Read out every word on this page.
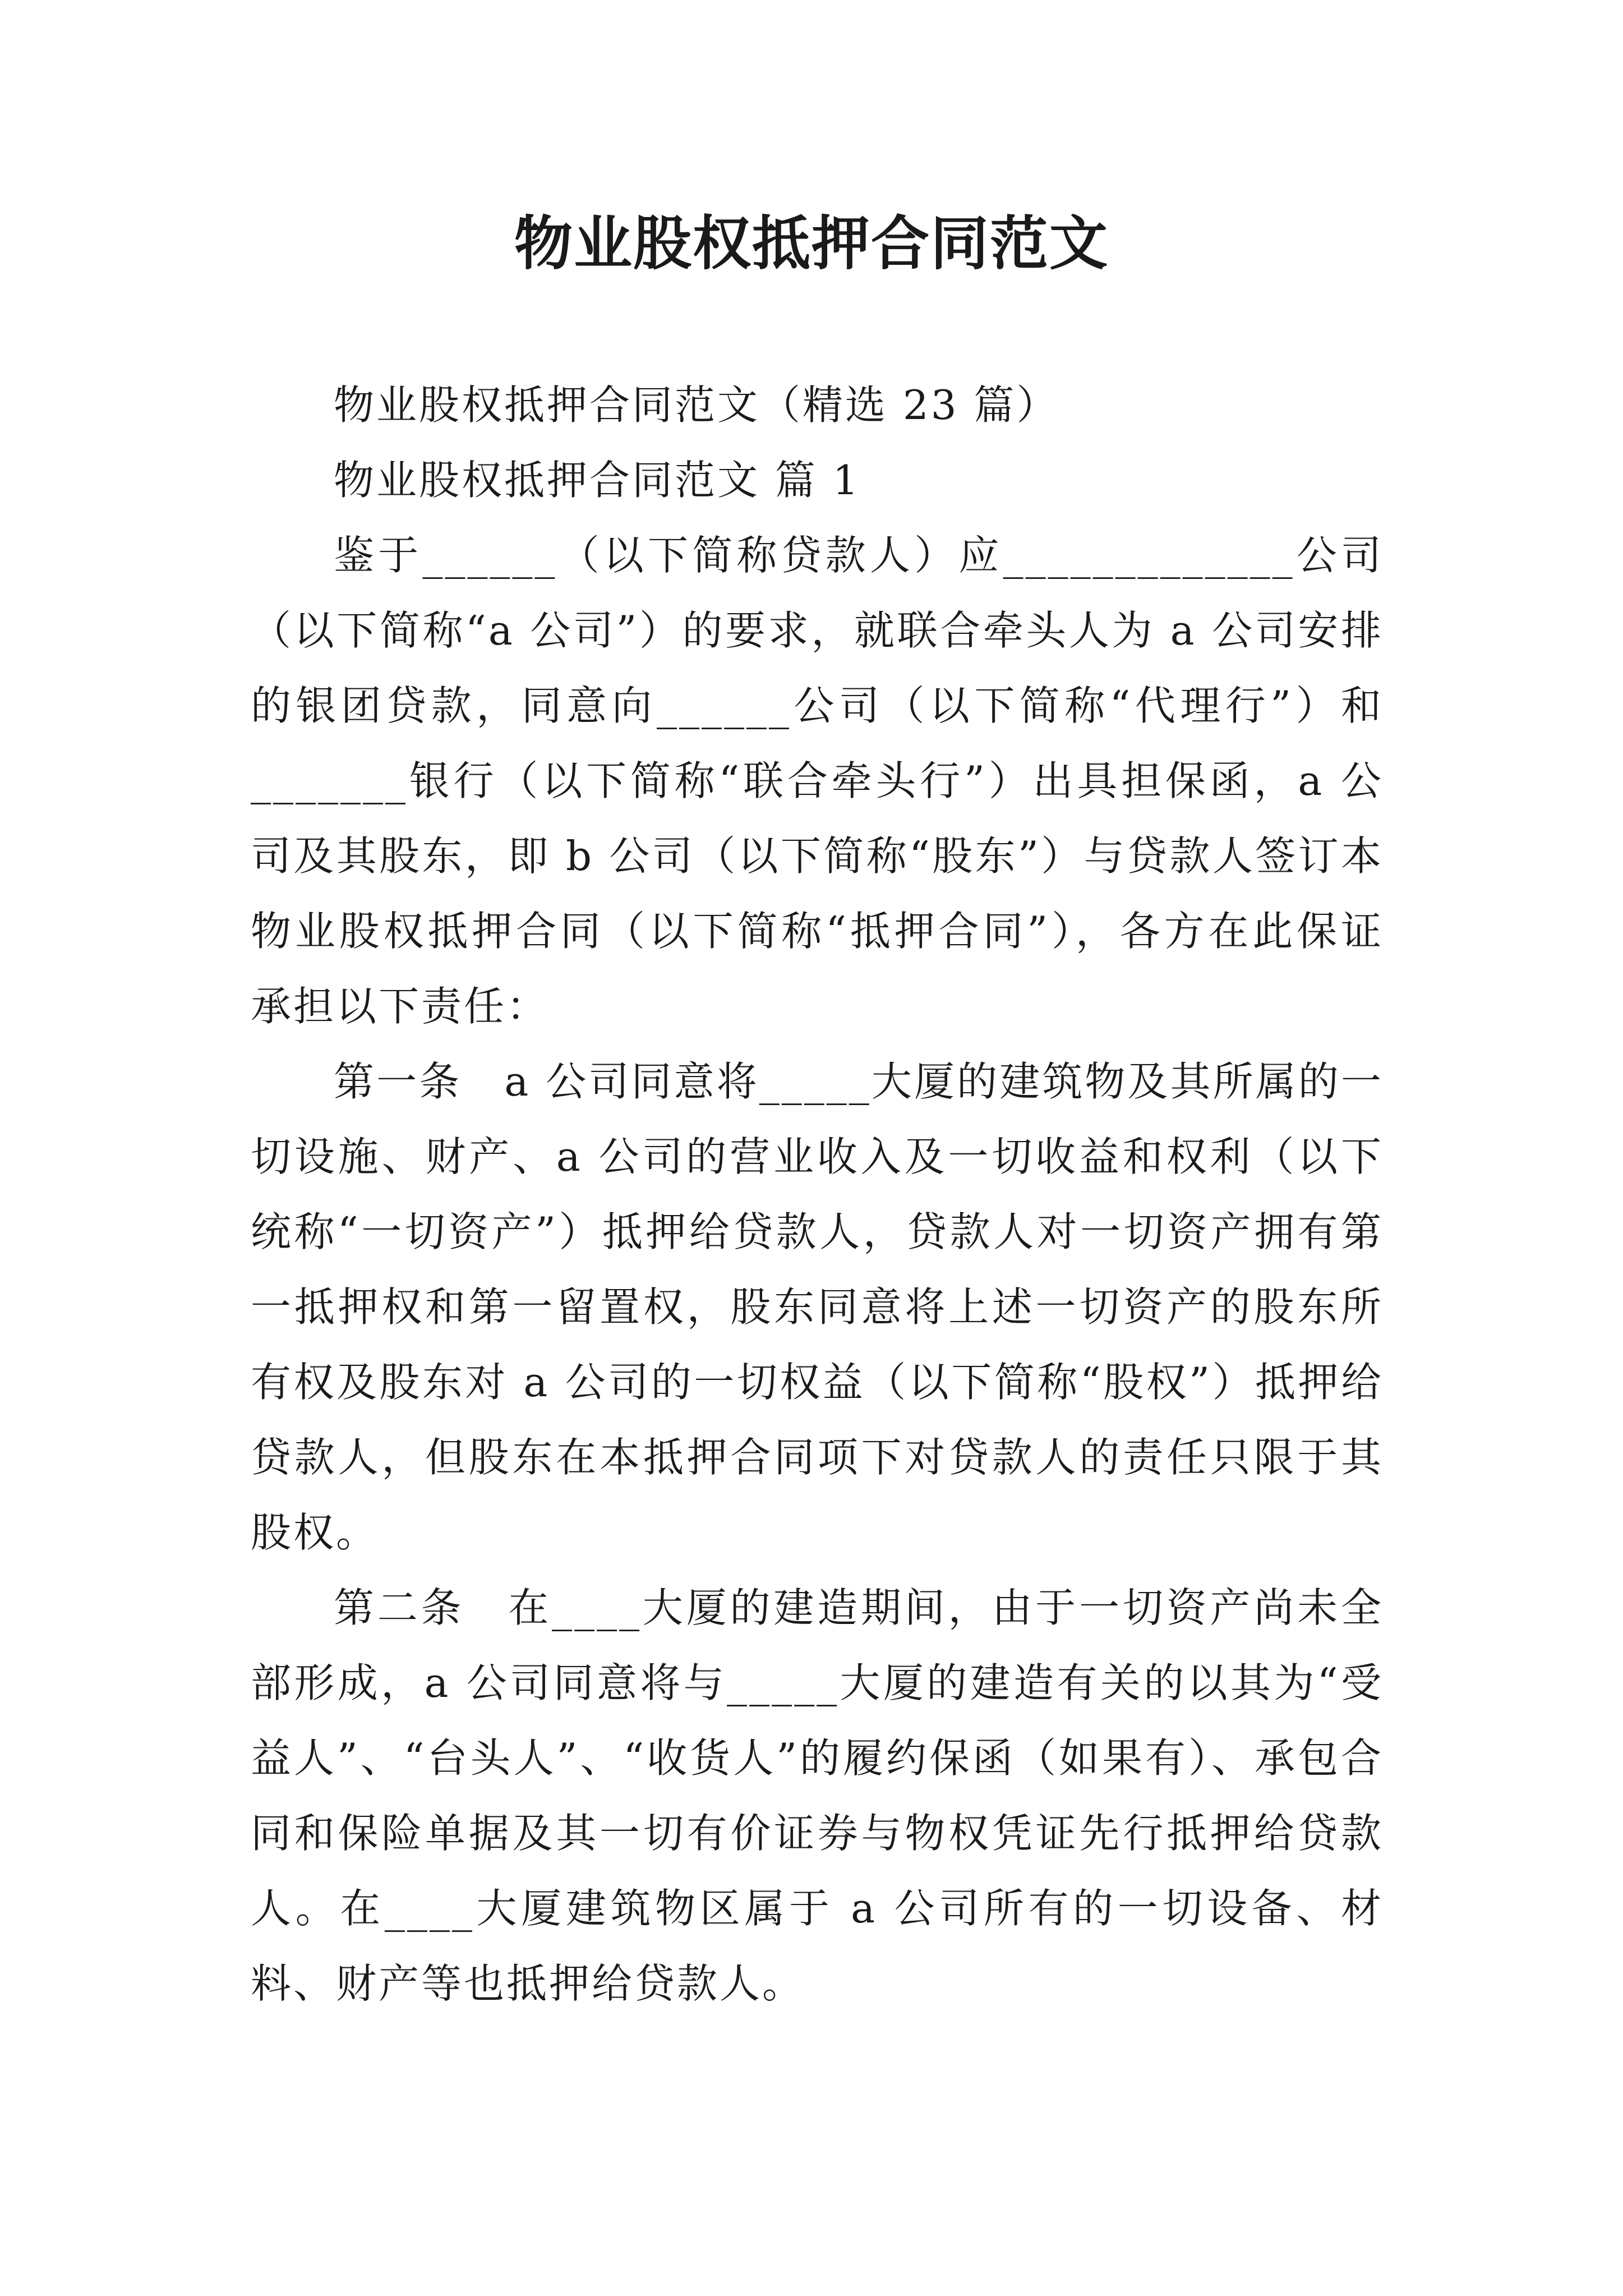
物业股权抵押合同范文

物业股权抵押合同范文（精选 23 篇）

物业股权抵押合同范文 篇 1

鉴于______（以下简称贷款人）应_____________公司（以下简称“a 公司”）的要求，就联合牵头人为 a 公司安排的银团贷款，同意向______公司（以下简称“代理行”）和_______银行（以下简称“联合牵头行”）出具担保函，a 公司及其股东，即 b 公司（以下简称“股东”）与贷款人签订本物业股权抵押合同（以下简称“抵押合同”），各方在此保证承担以下责任：

第一条　a 公司同意将_____大厦的建筑物及其所属的一切设施、财产、a 公司的营业收入及一切收益和权利（以下统称“一切资产”）抵押给贷款人，贷款人对一切资产拥有第一抵押权和第一留置权，股东同意将上述一切资产的股东所有权及股东对 a 公司的一切权益（以下简称“股权”）抵押给贷款人，但股东在本抵押合同项下对贷款人的责任只限于其股权。

第二条　在____大厦的建造期间，由于一切资产尚未全部形成，a 公司同意将与_____大厦的建造有关的以其为“受益人”、“台头人”、“收货人”的履约保函（如果有）、承包合同和保险单据及其一切有价证券与物权凭证先行抵押给贷款人。在____大厦建筑物区属于 a 公司所有的一切设备、材料、财产等也抵押给贷款人。
